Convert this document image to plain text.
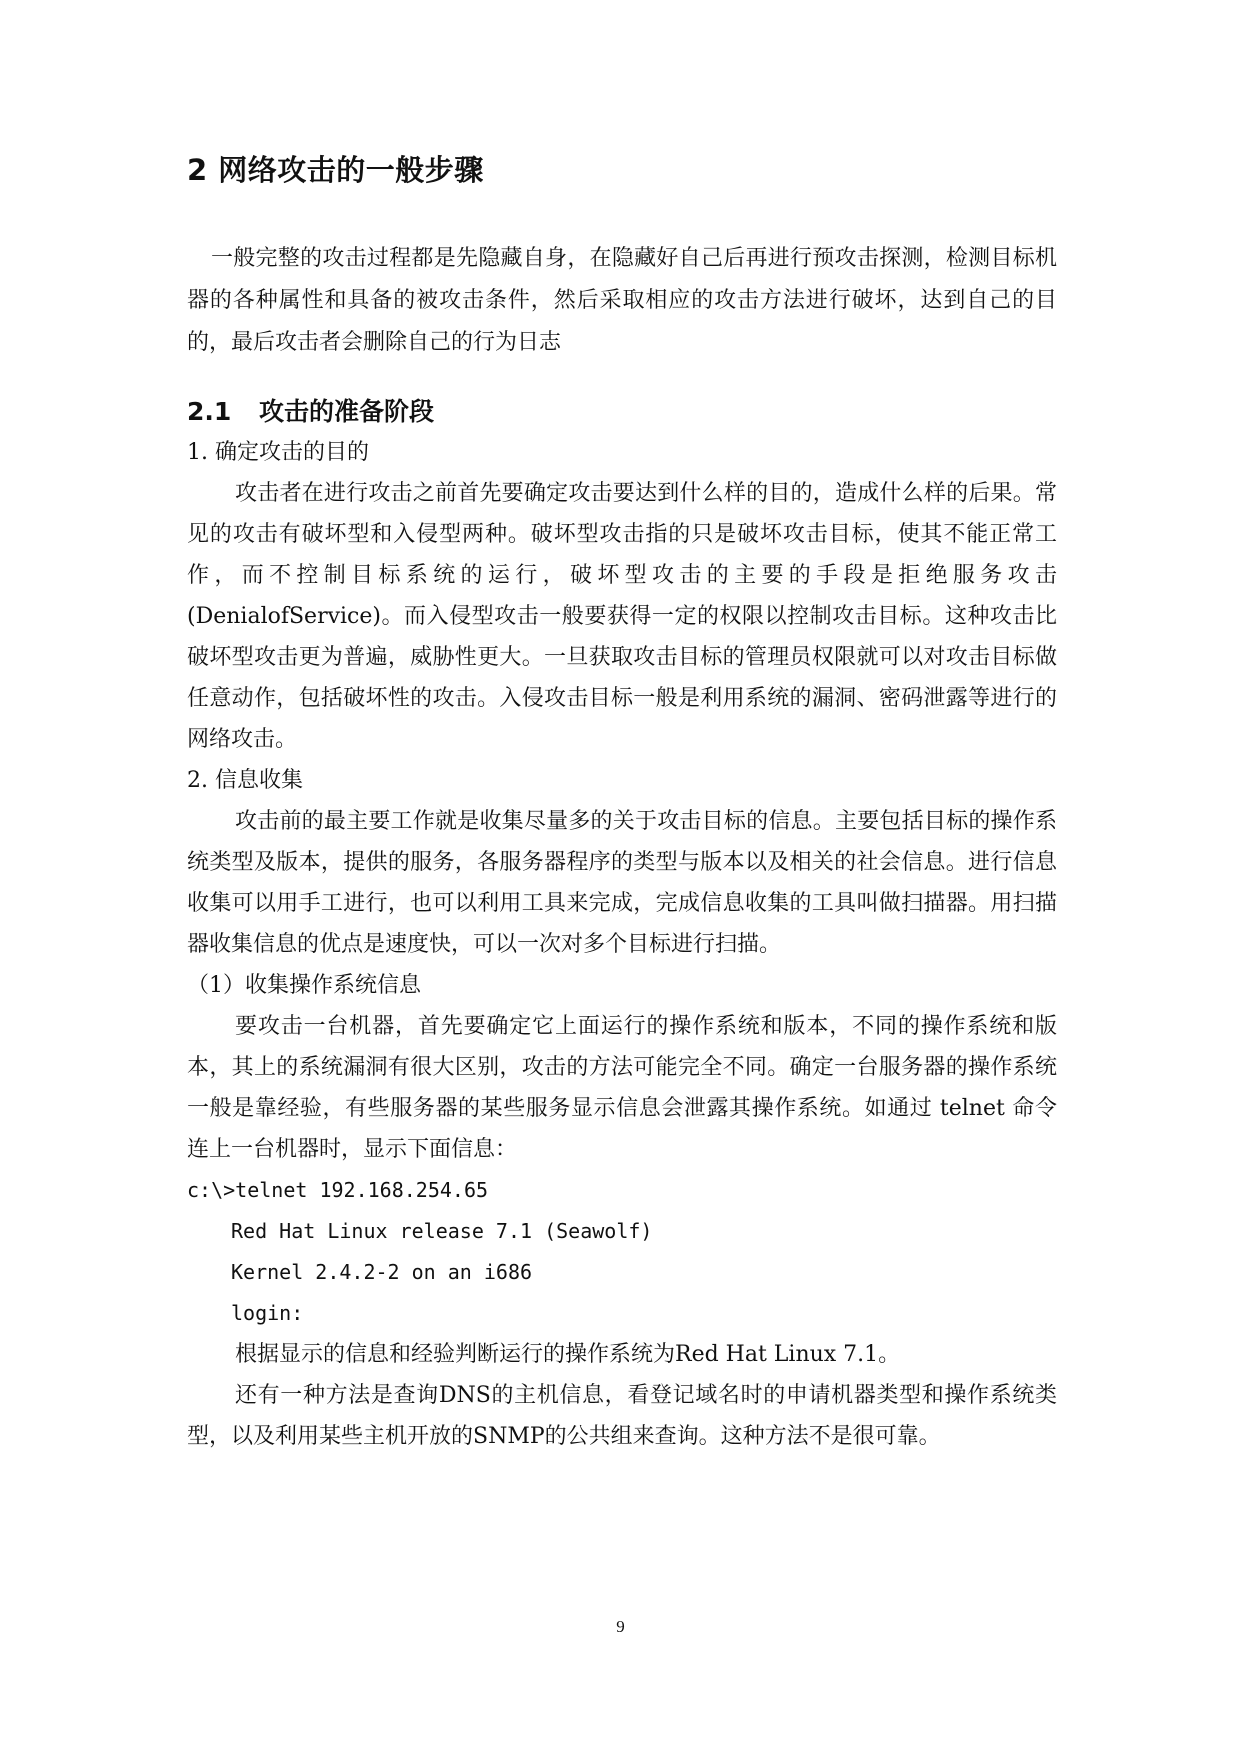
2 网络攻击的一般步骤

一般完整的攻击过程都是先隐藏自身，在隐藏好自己后再进行预攻击探测，检测目标机器的各种属性和具备的被攻击条件，然后采取相应的攻击方法进行破坏，达到自己的目的，最后攻击者会删除自己的行为日志

2.1 攻击的准备阶段

1. 确定攻击的目的

攻击者在进行攻击之前首先要确定攻击要达到什么样的目的，造成什么样的后果。常见的攻击有破坏型和入侵型两种。破坏型攻击指的只是破坏攻击目标，使其不能正常工作，而不控制目标系统的运行，破坏型攻击的主要的手段是拒绝服务攻击(DenialofService)。而入侵型攻击一般要获得一定的权限以控制攻击目标。这种攻击比破坏型攻击更为普遍，威胁性更大。一旦获取攻击目标的管理员权限就可以对攻击目标做任意动作，包括破坏性的攻击。入侵攻击目标一般是利用系统的漏洞、密码泄露等进行的网络攻击。

2. 信息收集

攻击前的最主要工作就是收集尽量多的关于攻击目标的信息。主要包括目标的操作系统类型及版本，提供的服务，各服务器程序的类型与版本以及相关的社会信息。进行信息收集可以用手工进行，也可以利用工具来完成，完成信息收集的工具叫做扫描器。用扫描器收集信息的优点是速度快，可以一次对多个目标进行扫描。

（1）收集操作系统信息

要攻击一台机器，首先要确定它上面运行的操作系统和版本，不同的操作系统和版本，其上的系统漏洞有很大区别，攻击的方法可能完全不同。确定一台服务器的操作系统一般是靠经验，有些服务器的某些服务显示信息会泄露其操作系统。如通过 telnet 命令连上一台机器时，显示下面信息：

c:\>telnet 192.168.254.65

Red Hat Linux release 7.1 (Seawolf)

Kernel 2.4.2-2 on an i686

login:

根据显示的信息和经验判断运行的操作系统为Red Hat Linux 7.1。

还有一种方法是查询DNS的主机信息，看登记域名时的申请机器类型和操作系统类型，以及利用某些主机开放的SNMP的公共组来查询。这种方法不是很可靠。

9
